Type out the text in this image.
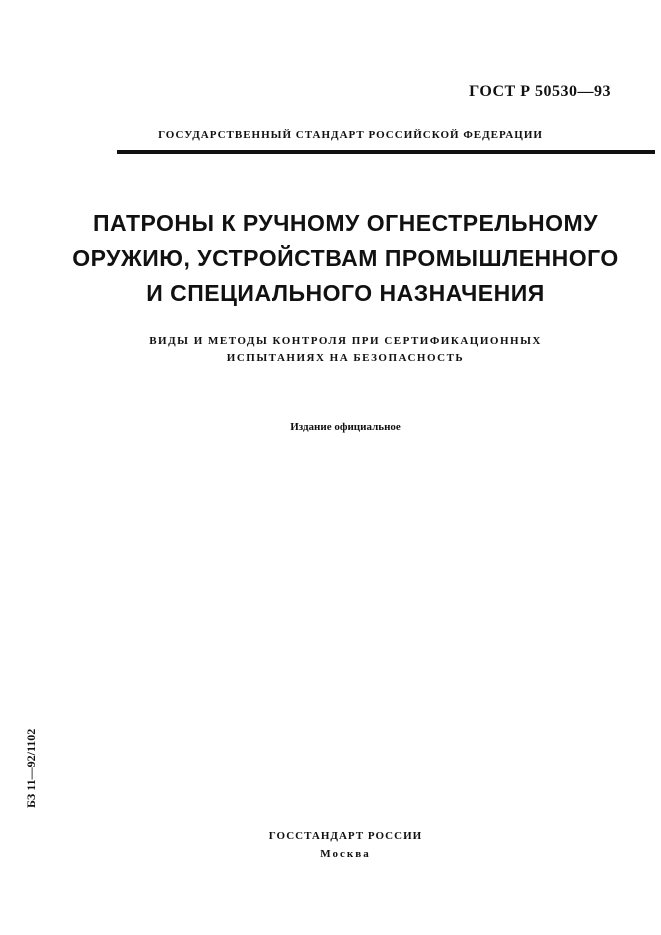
ГОСТ Р 50530—93
ГОСУДАРСТВЕННЫЙ СТАНДАРТ РОССИЙСКОЙ ФЕДЕРАЦИИ
ПАТРОНЫ К РУЧНОМУ ОГНЕСТРЕЛЬНОМУ
ОРУЖИЮ, УСТРОЙСТВАМ ПРОМЫШЛЕННОГО
И СПЕЦИАЛЬНОГО НАЗНАЧЕНИЯ
ВИДЫ И МЕТОДЫ КОНТРОЛЯ ПРИ СЕРТИФИКАЦИОННЫХ
ИСПЫТАНИЯХ НА БЕЗОПАСНОСТЬ
Издание официальное
БЗ 11—92/1102
ГОССТАНДАРТ РОССИИ
Москва
